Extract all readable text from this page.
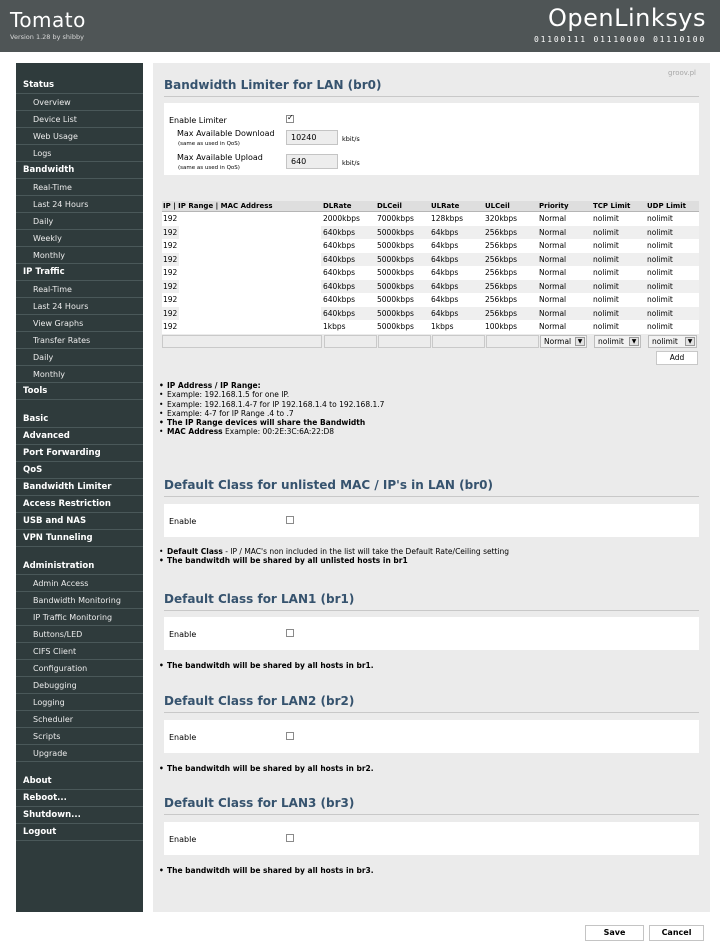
Tomato
Version 1.28 by shibby
OpenLinksys
01100111 01110000 01110100
Status
Overview
Device List
Web Usage
Logs
Bandwidth
Real-Time
Last 24 Hours
Daily
Weekly
Monthly
IP Traffic
Real-Time
Last 24 Hours
View Graphs
Transfer Rates
Daily
Monthly
Tools
Basic
Advanced
Port Forwarding
QoS
Bandwidth Limiter
Access Restriction
USB and NAS
VPN Tunneling
Administration
Admin Access
Bandwidth Monitoring
IP Traffic Monitoring
Buttons/LED
CIFS Client
Configuration
Debugging
Logging
Scheduler
Scripts
Upgrade
About
Reboot...
Shutdown...
Logout
groov.pl
Bandwidth Limiter for LAN (br0)
Enable Limiter	✓
Max Available Download
(same as used in QoS)
10240	kbit/s
Max Available Upload
(same as used in QoS)
640	kbit/s
IP | IP Range | MAC Address	DLRate	DLCeil	ULRate	ULCeil	Priority	TCP Limit UDP Limit
192	2000kbps 7000kbps 128kbps	320kbps	Normal	nolimit	nolimit
192	640kbps	5000kbps 64kbps	256kbps	Normal	nolimit	nolimit
192	640kbps	5000kbps 64kbps	256kbps	Normal	nolimit	nolimit
192	640kbps	5000kbps 64kbps	256kbps	Normal	nolimit	nolimit
192	640kbps	5000kbps 64kbps	256kbps	Normal	nolimit	nolimit
192	640kbps	5000kbps 64kbps	256kbps	Normal	nolimit	nolimit
192	640kbps	5000kbps 64kbps	256kbps	Normal	nolimit	nolimit
192	640kbps	5000kbps 64kbps	256kbps	Normal	nolimit	nolimit
192	1kbps	5000kbps 1kbps	100kbps	Normal	nolimit	nolimit
Normal	▼	nolimit	▼	nolimit	▼
Add
• IP Address / IP Range:
• Example: 192.168.1.5 for one IP.
• Example: 192.168.1.4-7 for IP 192.168.1.4 to 192.168.1.7
• Example: 4-7 for IP Range .4 to .7
• The IP Range devices will share the Bandwidth
• MAC Address Example: 00:2E:3C:6A:22:D8
Default Class for unlisted MAC / IP's in LAN (br0)
Enable
• Default Class - IP / MAC's non included in the list will take the Default Rate/Ceiling setting
• The bandwitdh will be shared by all unlisted hosts in br1
Default Class for LAN1 (br1)
Enable
• The bandwitdh will be shared by all hosts in br1.
Default Class for LAN2 (br2)
Enable
• The bandwitdh will be shared by all hosts in br2.
Default Class for LAN3 (br3)
Enable
• The bandwitdh will be shared by all hosts in br3.
Save	Cancel
